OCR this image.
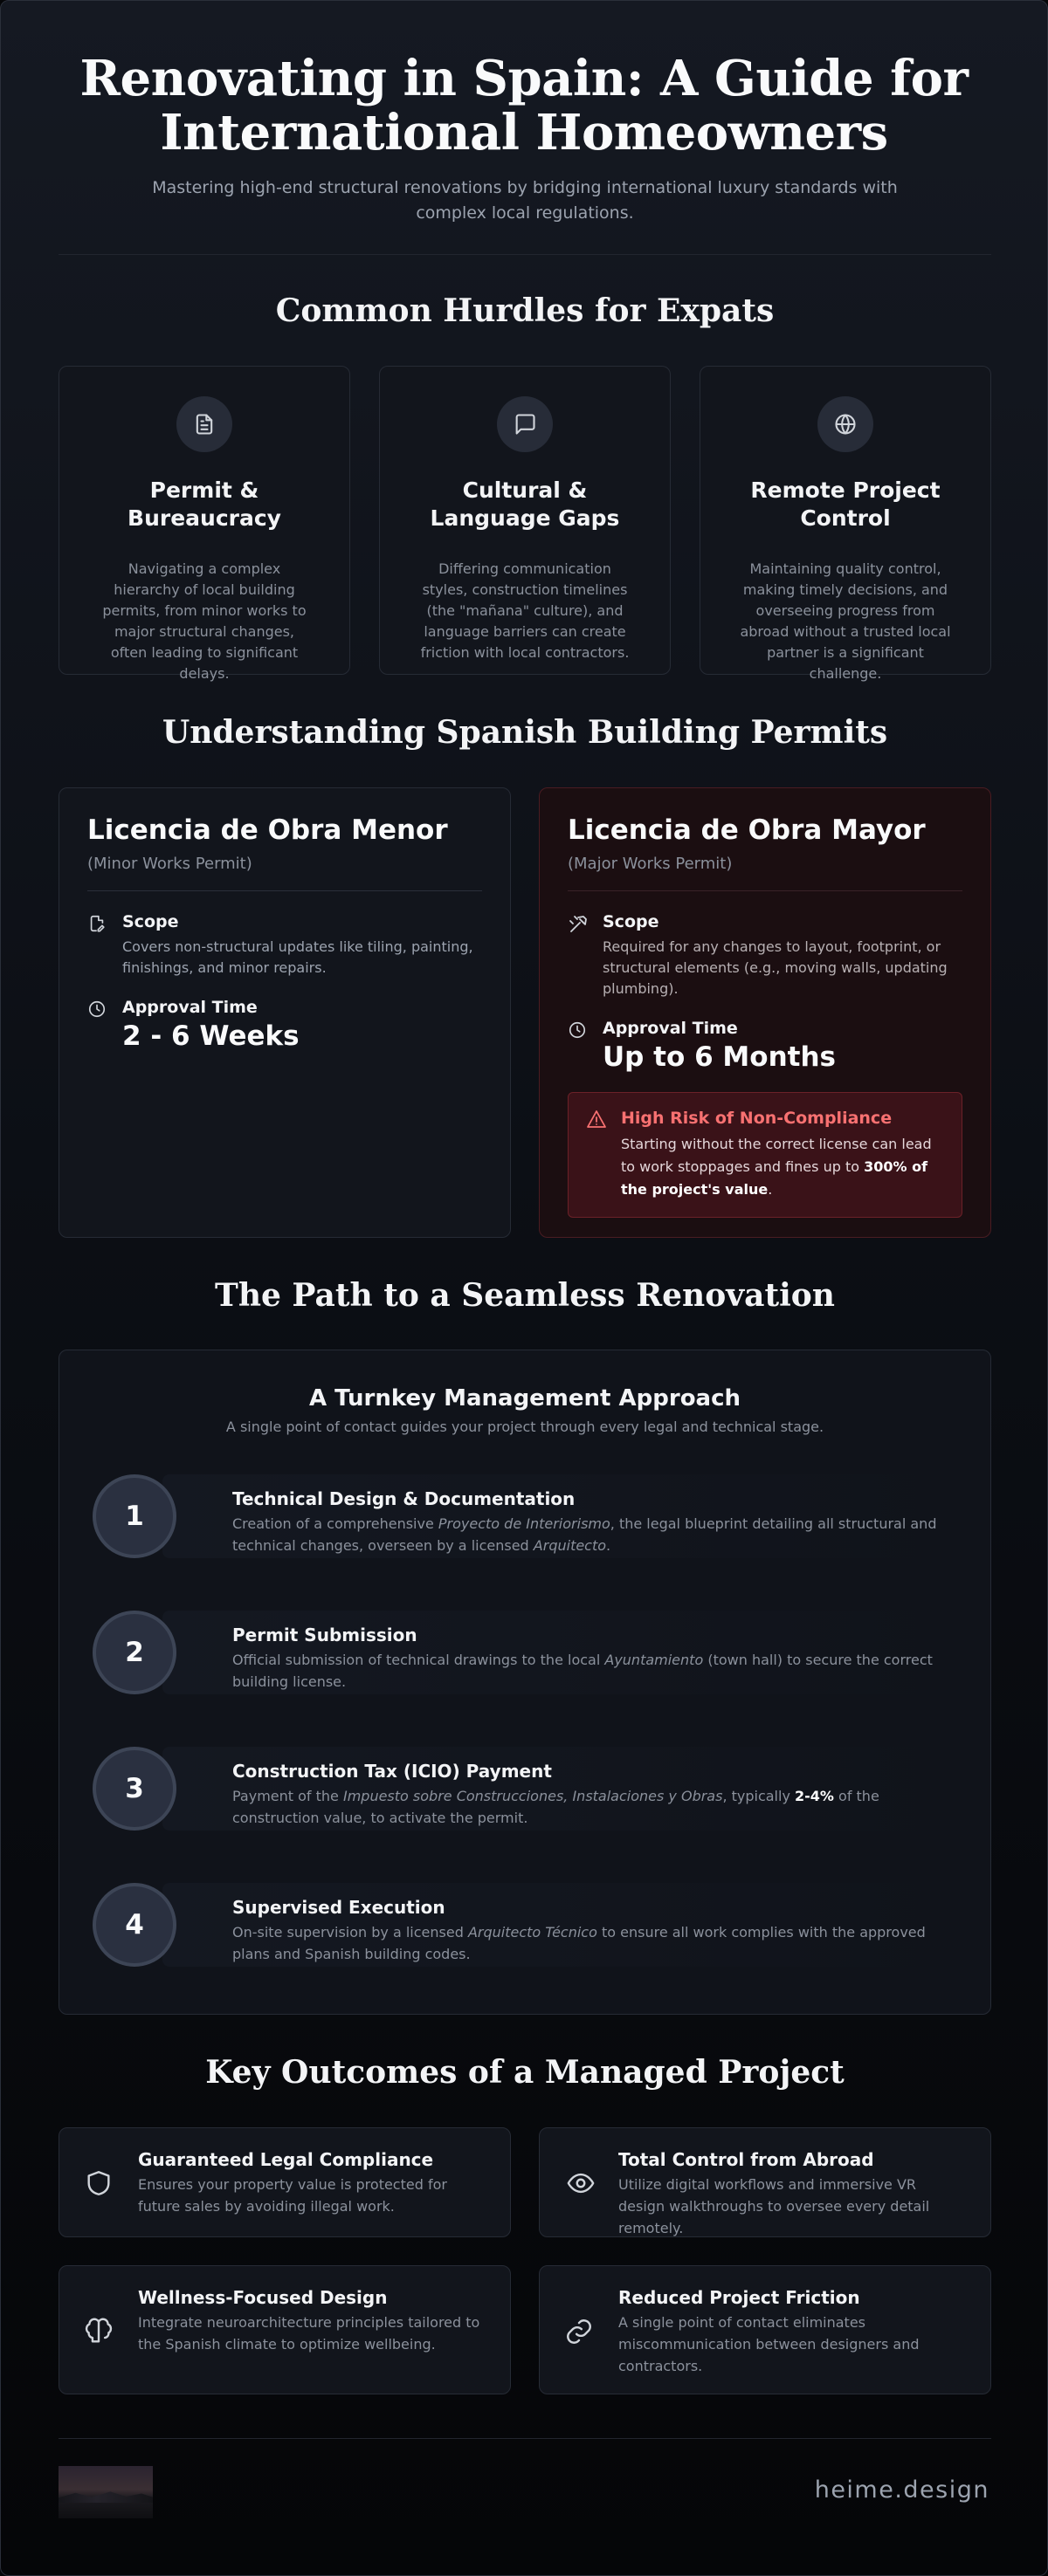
Renovating in Spain: A Guide for International Homeowners

Mastering high-end structural renovations by bridging international luxury standards with complex local regulations.

Common Hurdles for Expats
Permit & Bureaucracy

Navigating a complex hierarchy of local building permits, from minor works to major structural changes, often leading to significant delays.

Cultural & Language Gaps

Differing communication styles, construction timelines (the "mañana" culture), and language barriers can create friction with local contractors.

Remote Project Control

Maintaining quality control, making timely decisions, and overseeing progress from abroad without a trusted local partner is a significant challenge.

Understanding Spanish Building Permits
Licencia de Obra Menor
(Minor Works Permit)
Scope
Covers non-structural updates like tiling, painting, finishings, and minor repairs.
Approval Time
2 - 6 Weeks
Licencia de Obra Mayor
(Major Works Permit)
Scope
Required for any changes to layout, footprint, or structural elements (e.g., moving walls, updating plumbing).
Approval Time
Up to 6 Months
High Risk of Non-Compliance
Starting without the correct license can lead to work stoppages and fines up to 300% of the project's value.
The Path to a Seamless Renovation
A Turnkey Management Approach
A single point of contact guides your project through every legal and technical stage.
1
Technical Design & Documentation
Creation of a comprehensive Proyecto de Interiorismo, the legal blueprint detailing all structural and technical changes, overseen by a licensed Arquitecto.
2
Permit Submission
Official submission of technical drawings to the local Ayuntamiento (town hall) to secure the correct building license.
3
Construction Tax (ICIO) Payment
Payment of the Impuesto sobre Construcciones, Instalaciones y Obras, typically 2-4% of the construction value, to activate the permit.
4
Supervised Execution
On-site supervision by a licensed Arquitecto Técnico to ensure all work complies with the approved plans and Spanish building codes.
Key Outcomes of a Managed Project
Guaranteed Legal Compliance
Ensures your property value is protected for future sales by avoiding illegal work.
Total Control from Abroad
Utilize digital workflows and immersive VR design walkthroughs to oversee every detail remotely.
Wellness-Focused Design
Integrate neuroarchitecture principles tailored to the Spanish climate to optimize wellbeing.
Reduced Project Friction
A single point of contact eliminates miscommunication between designers and contractors.
heime.design
